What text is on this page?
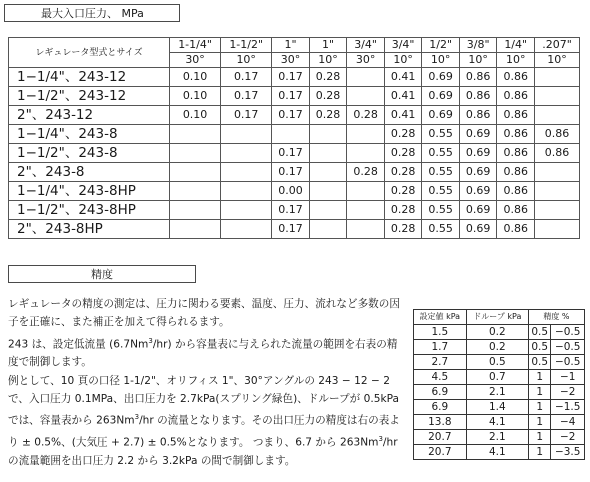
最大入口圧力、 MPa
レギュレータ型式とサイズ	1-1/4"	1-1/2"	1"	1"	3/4"	3/4"	1/2"	3/8"	1/4"	.207"
	30°	10°	30°	10°	30°	10°	10°	10°	10°	10°
1−1/4"、243-12	0.10	0.17	0.17	0.28		0.41	0.69	0.86	0.86	
1−1/2"、243-12	0.10	0.17	0.17	0.28		0.41	0.69	0.86	0.86	
2"、243-12	0.10	0.17	0.17	0.28	0.28	0.41	0.69	0.86	0.86	
1−1/4"、243-8						0.28	0.55	0.69	0.86	0.86
1−1/2"、243-8			0.17			0.28	0.55	0.69	0.86	0.86
2"、243-8			0.17		0.28	0.28	0.55	0.69	0.86	
1−1/4"、243-8HP			0.00			0.28	0.55	0.69	0.86	
1−1/2"、243-8HP			0.17			0.28	0.55	0.69	0.86	
2"、243-8HP			0.17			0.28	0.55	0.69	0.86	
精度

レギュレータの精度の測定は、圧力に関わる要素、温度、圧力、流れなど多数の因子を正確に、また補正を加えて得られるます。

243 は、設定低流量 (6.7Nm$^3$/hr) から容量表に与えられた流量の範囲を右表の精度で制御します。

例として、10 頁の口径 1-1/2"、オリフィス 1"、30°アングルの 243 − 12 − 2 で、入口圧力 0.1MPa、出口圧力を 2.7kPa(スプリング緑色)、ドループが 0.5kPa では、容量表から 263Nm$^3$/hr の流量となります。その出口圧力の精度は右の表より ± 0.5%、(大気圧 + 2.7) ± 0.5%となります。 つまり、6.7 から 263Nm$^3$/hr の流量範囲を出口圧力 2.2 から 3.2kPa の間で制御します。

設定値 kPa	ドループ kPa	精度 %	
1.5	0.2	0.5	−0.5
1.7	0.2	0.5	−0.5
2.7	0.5	0.5	−0.5
4.5	0.7	1	−1
6.9	2.1	1	−2
6.9	1.4	1	−1.5
13.8	4.1	1	−4
20.7	2.1	1	−2
20.7	4.1	1	−3.5
